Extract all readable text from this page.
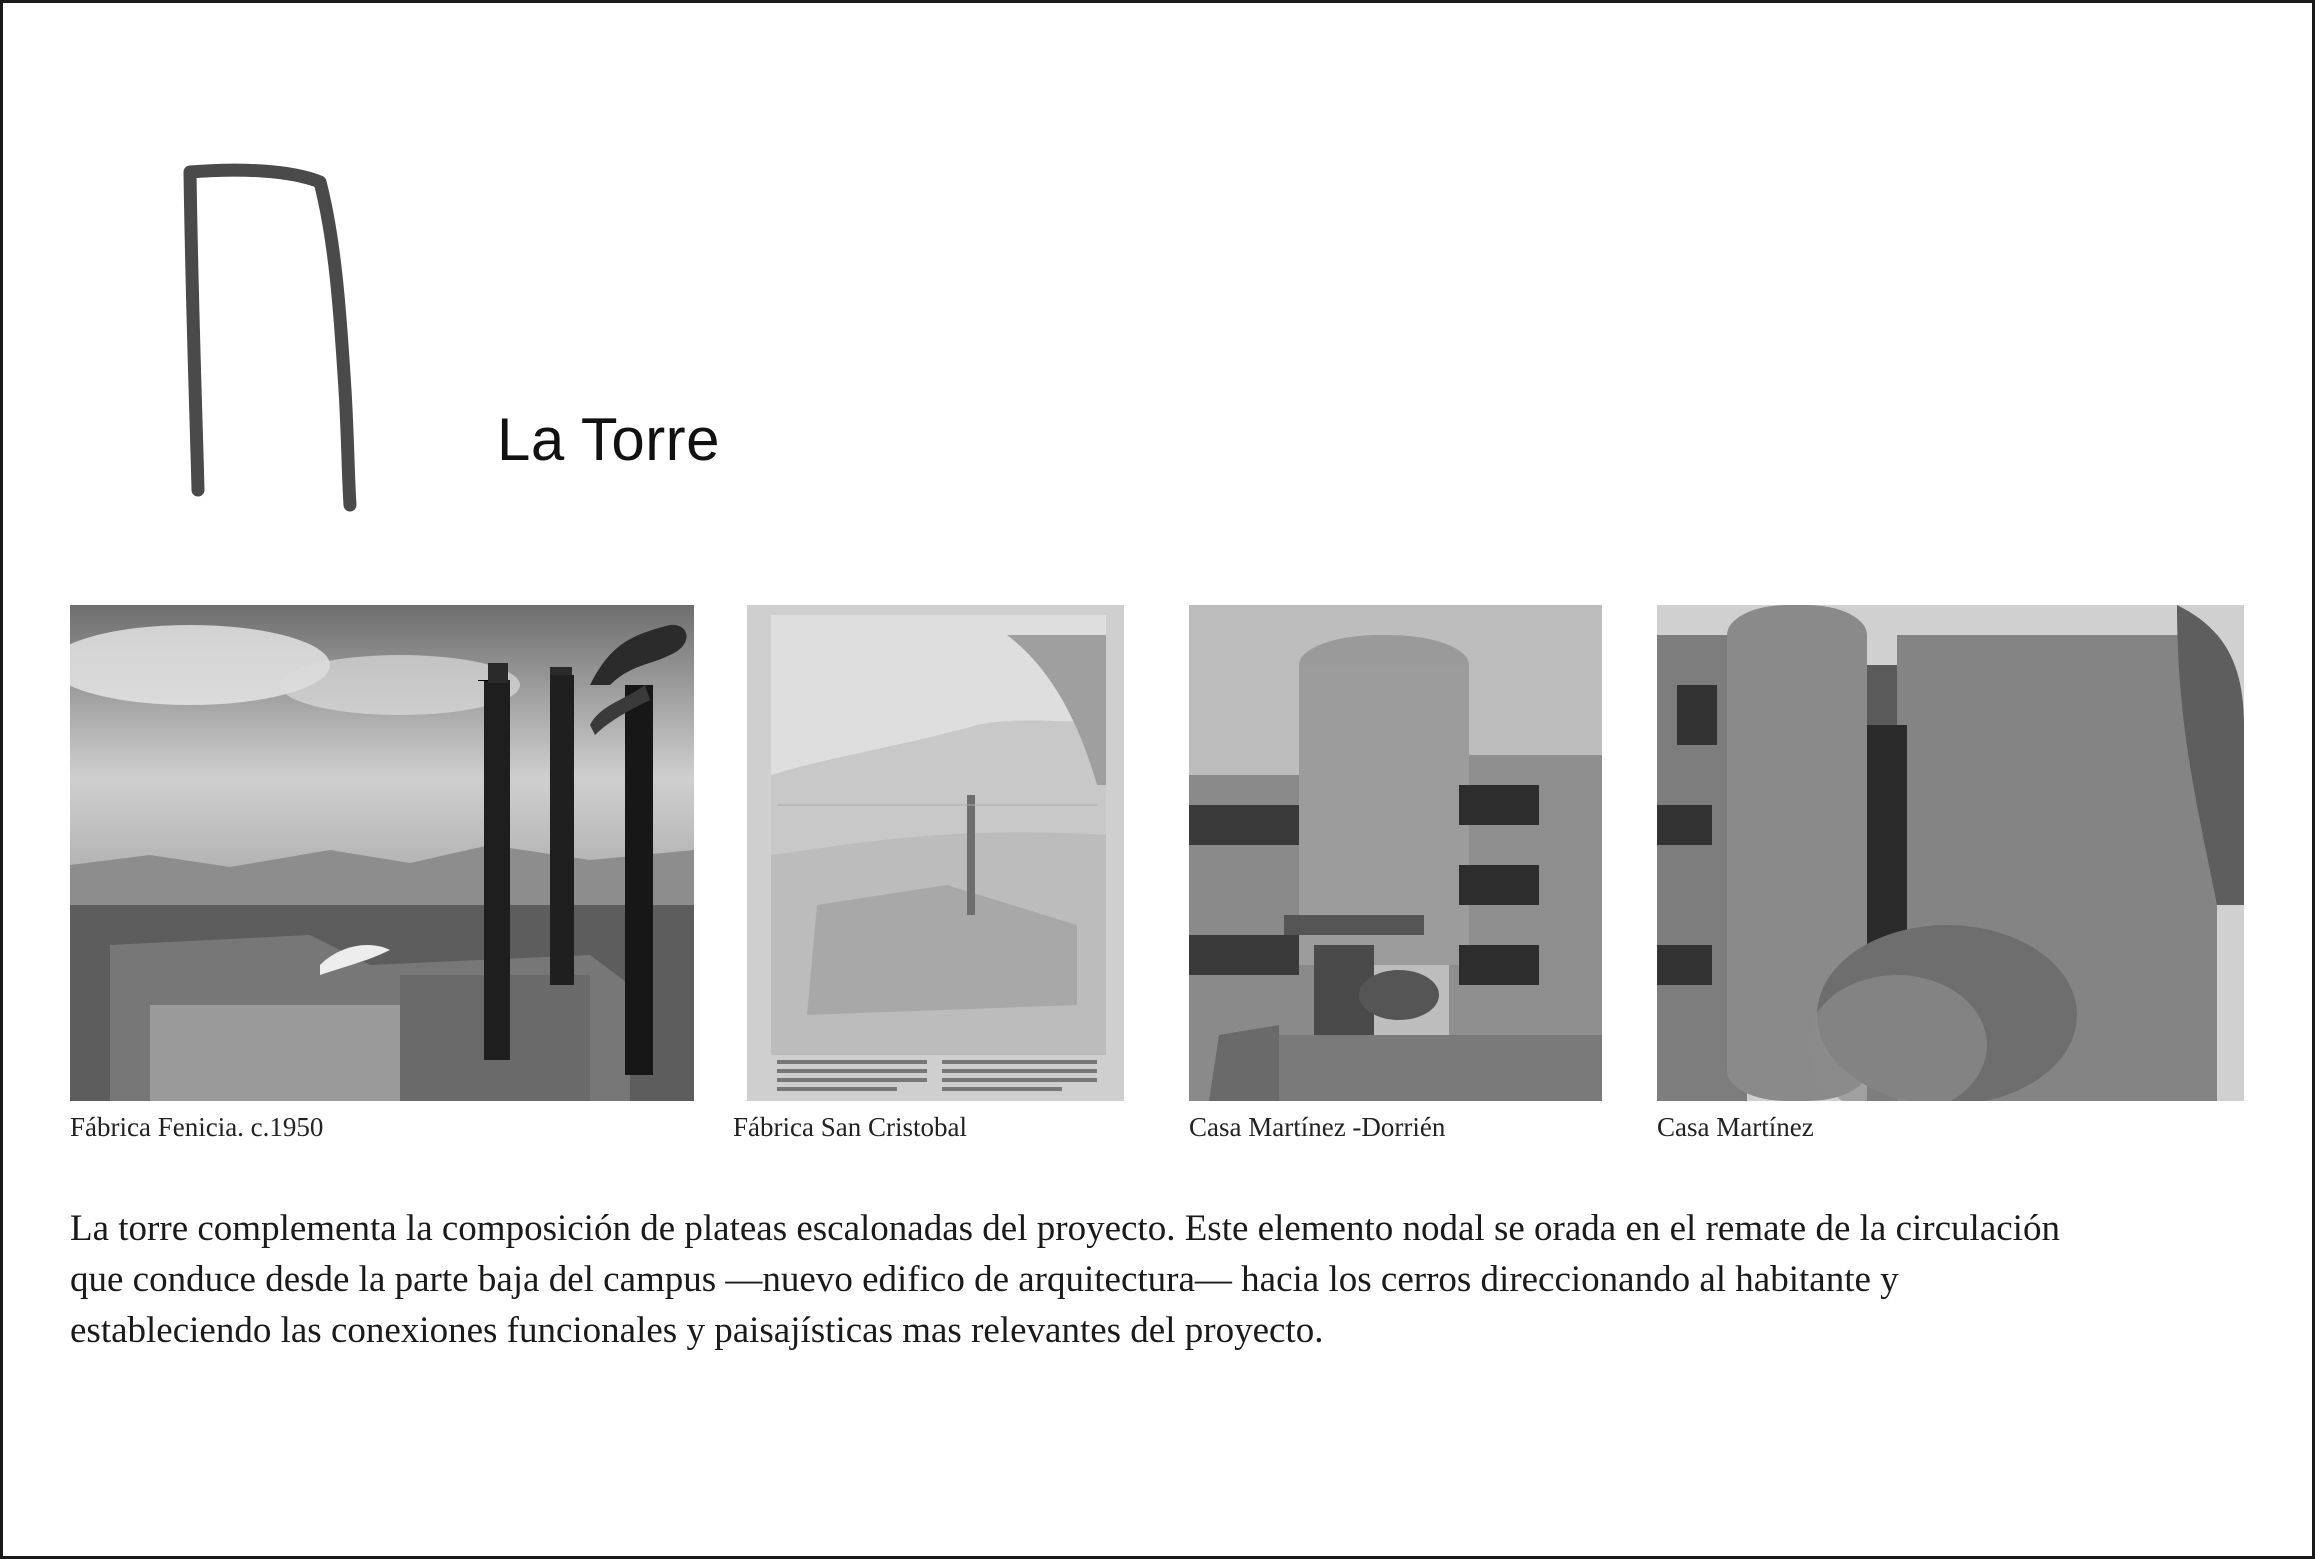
La Torre
Fábrica Fenicia. c.1950	Fábrica San Cristobal	Casa Martínez -Dorrién	Casa Martínez
La torre complementa la composición de plateas escalonadas del proyecto. Este elemento nodal se orada en el remate de la circulación
que conduce desde la parte baja del campus —nuevo edifico de arquitectura— hacia los cerros direccionando al habitante y
estableciendo las conexiones funcionales y paisajísticas mas relevantes del proyecto.
